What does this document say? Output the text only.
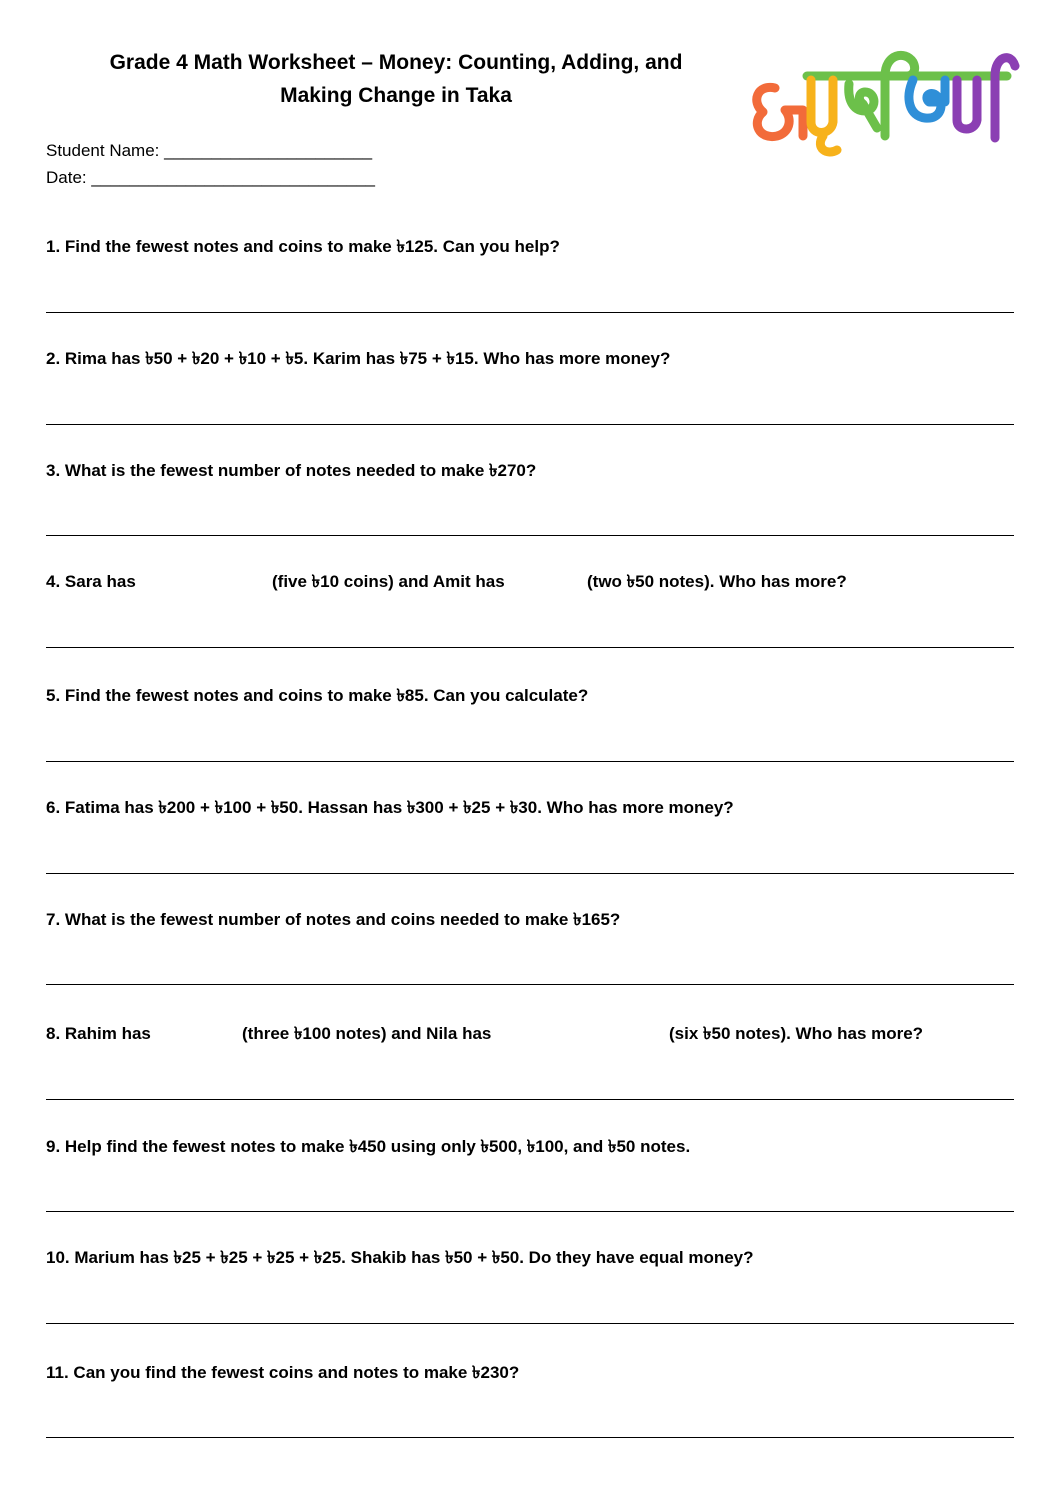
Grade 4 Math Worksheet – Money: Counting, Adding, and
Making Change in Taka
Student Name: ______________________
Date: ______________________________
1. Find the fewest notes and coins to make ৳125. Can you help?
2. Rima has ৳50 + ৳20 + ৳10 + ৳5. Karim has ৳75 + ৳15. Who has more money?
3. What is the fewest number of notes needed to make ৳270?
4. Sara has	(five ৳10 coins) and Amit has	(two ৳50 notes). Who has more?
5. Find the fewest notes and coins to make ৳85. Can you calculate?
6. Fatima has ৳200 + ৳100 + ৳50. Hassan has ৳300 + ৳25 + ৳30. Who has more money?
7. What is the fewest number of notes and coins needed to make ৳165?
8. Rahim has	(three ৳100 notes) and Nila has	(six ৳50 notes). Who has more?
9. Help find the fewest notes to make ৳450 using only ৳500, ৳100, and ৳50 notes.
10. Marium has ৳25 + ৳25 + ৳25 + ৳25. Shakib has ৳50 + ৳50. Do they have equal money?
11. Can you find the fewest coins and notes to make ৳230?
